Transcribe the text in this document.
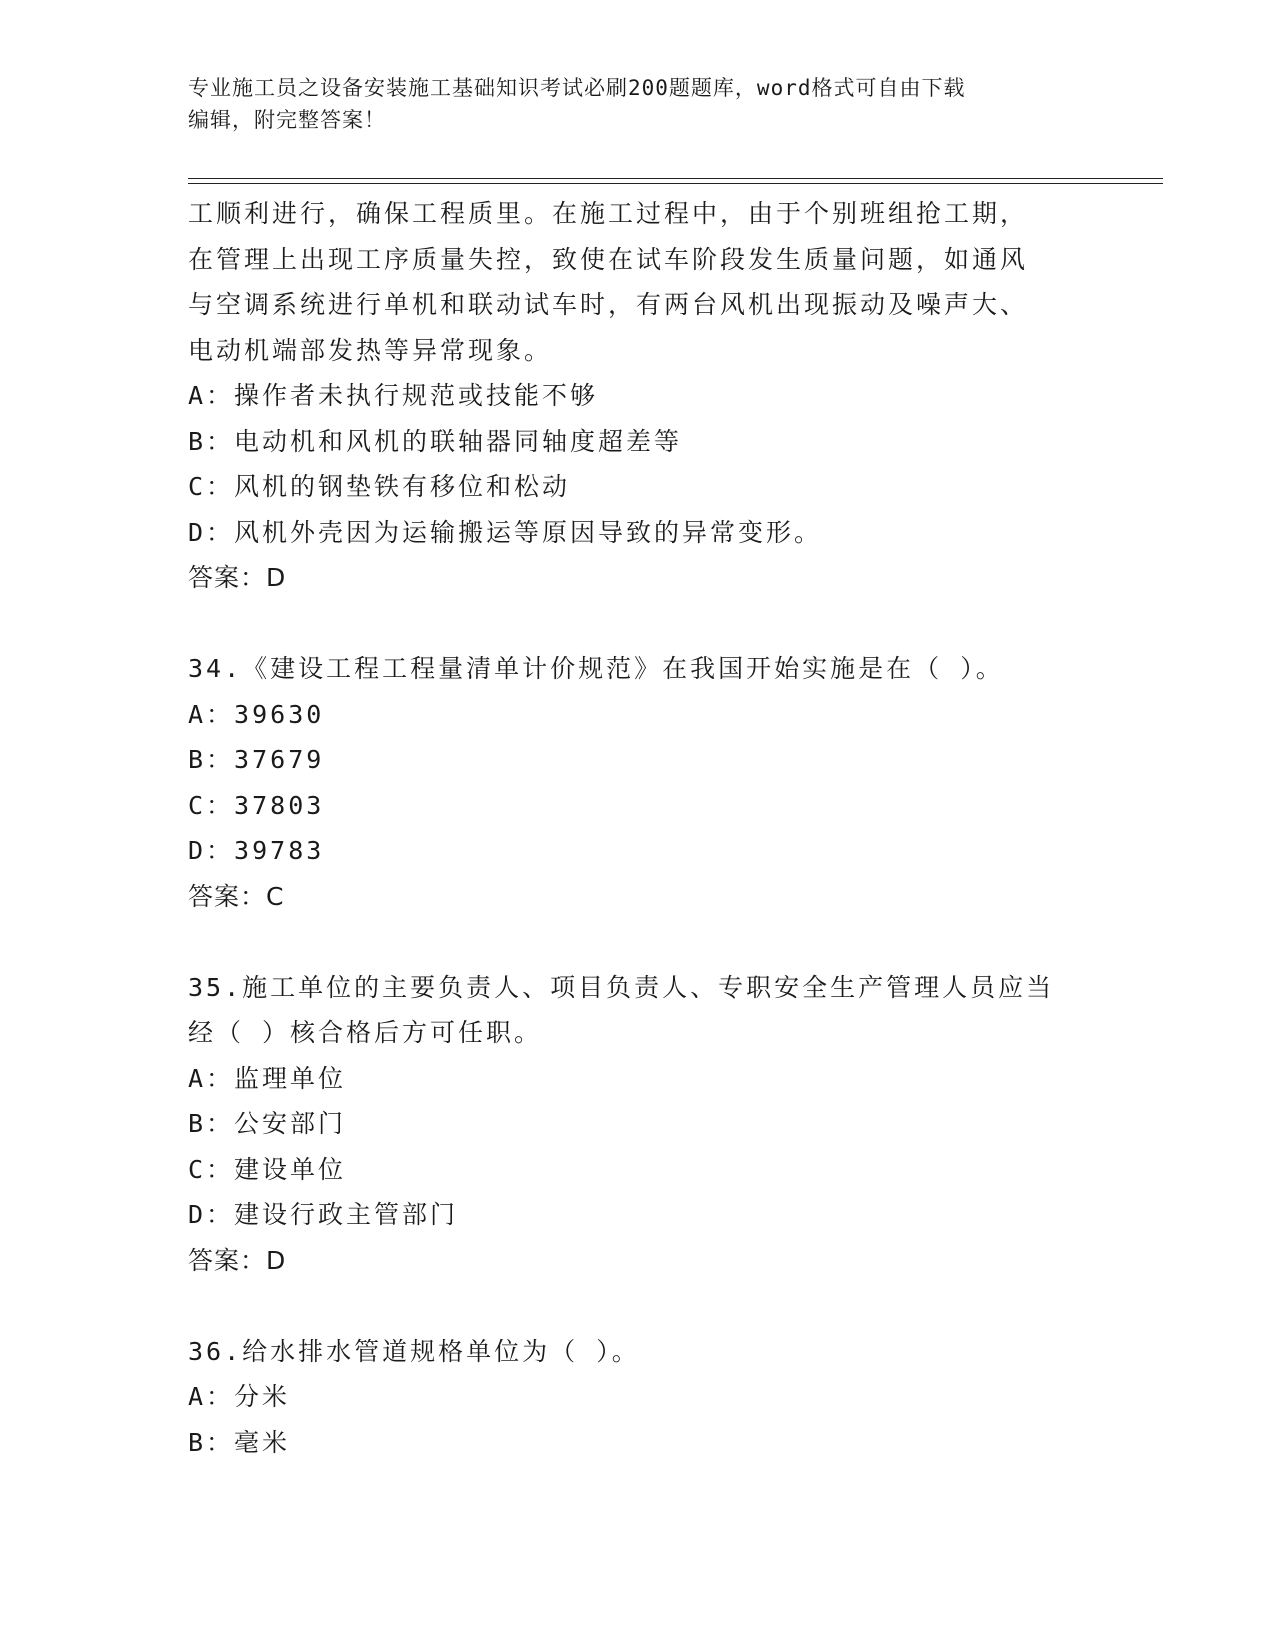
专业施工员之设备安装施工基础知识考试必刷200题题库，word格式可自由下载
编辑，附完整答案！
工顺利进行，确保工程质里。在施工过程中，由于个别班组抢工期，
在管理上出现工序质量失控，致使在试车阶段发生质量问题，如通风
与空调系统进行单机和联动试车时，有两台风机出现振动及噪声大、
电动机端部发热等异常现象。
A：操作者未执行规范或技能不够
B：电动机和风机的联轴器同轴度超差等
C：风机的钢垫铁有移位和松动
D：风机外壳因为运输搬运等原因导致的异常变形。
答案：D
34.《建设工程工程量清单计价规范》在我国开始实施是在（ ）。
A：39630
B：37679
C：37803
D：39783
答案：C
35.施工单位的主要负责人、项目负责人、专职安全生产管理人员应当
经（ ）核合格后方可任职。
A：监理单位
B：公安部门
C：建设单位
D：建设行政主管部门
答案：D
36.给水排水管道规格单位为（ ）。
A：分米
B：毫米
